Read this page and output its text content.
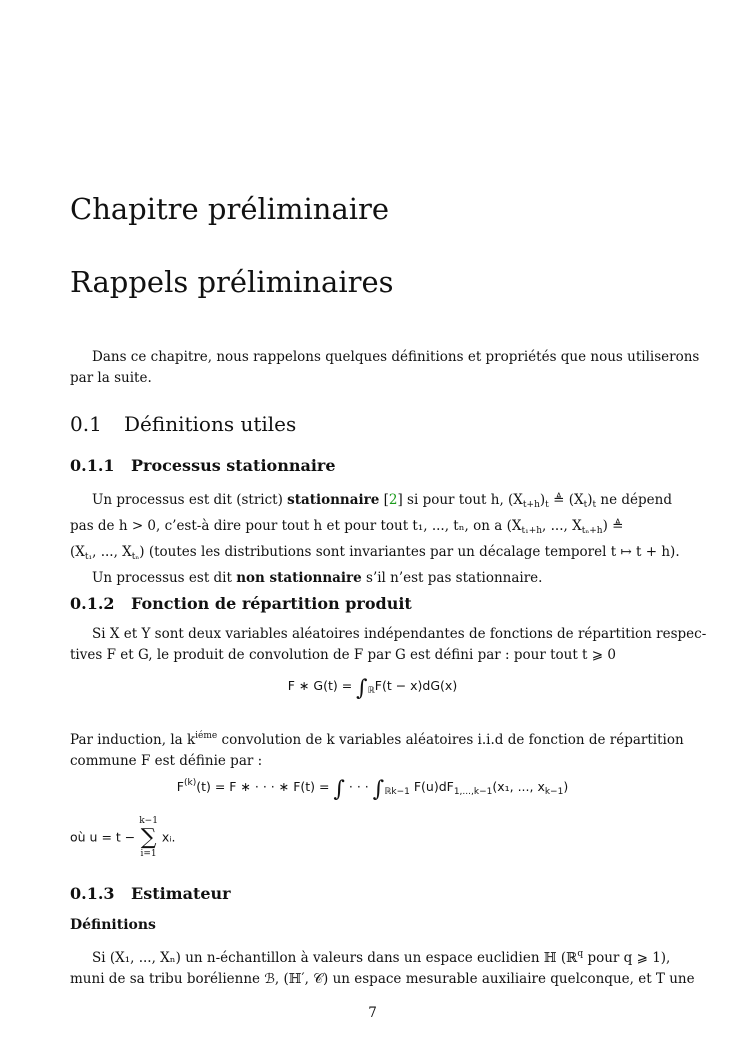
Chapitre préliminaire
Rappels préliminaires

Dans ce chapitre, nous rappelons quelques définitions et propriétés que nous utiliserons
par la suite.

0.1 Définitions utiles
0.1.1 Processus stationnaire

Un processus est dit (strict) stationnaire [2] si pour tout h, $(X_{t+h})_t$ ≜ $(X_t)_t$ ne dépend
pas de h > 0, c’est-à dire pour tout h et pour tout t₁, ..., tₙ, on a ($X_{t_1+h}$, ..., $X_{t_n+h}$) ≜
($X_{t_1}$, ..., $X_{t_n}$) (toutes les distributions sont invariantes par un décalage temporel t ↦ t + h).
Un processus est dit non stationnaire s’il n’est pas stationnaire.

0.1.2 Fonction de répartition produit

Si X et Y sont deux variables aléatoires indépendantes de fonctions de répartition respec-
tives F et G, le produit de convolution de F par G est défini par : pour tout t ⩾ 0

F ∗ $G(t) = \int_ℝF(t - x)dG(x)$

Par induction, la $k^{iéme}$ convolution de k variables aléatoires i.i.d de fonction de répartition
commune F est définie par :

$F^{(k)}(t) = F$ ∗ · · · ∗ F(t) = ∫ · · · $\int_{ℝk-1}$ $F(u)dF_{1,...,k-1}(x_1$, ..., $x_{k-1}$)
où u = t −
k−1
∑
i=1
xᵢ.
0.1.3 Estimateur
Définitions

Si (X₁, ..., Xₙ) un n-échantillon à valeurs dans un espace euclidien ℍ (ℝ$^q$ pour q ⩾ 1),
muni de sa tribu borélienne ℬ, (ℍ′, 𝒞) un espace mesurable auxiliaire quelconque, et T une

7
